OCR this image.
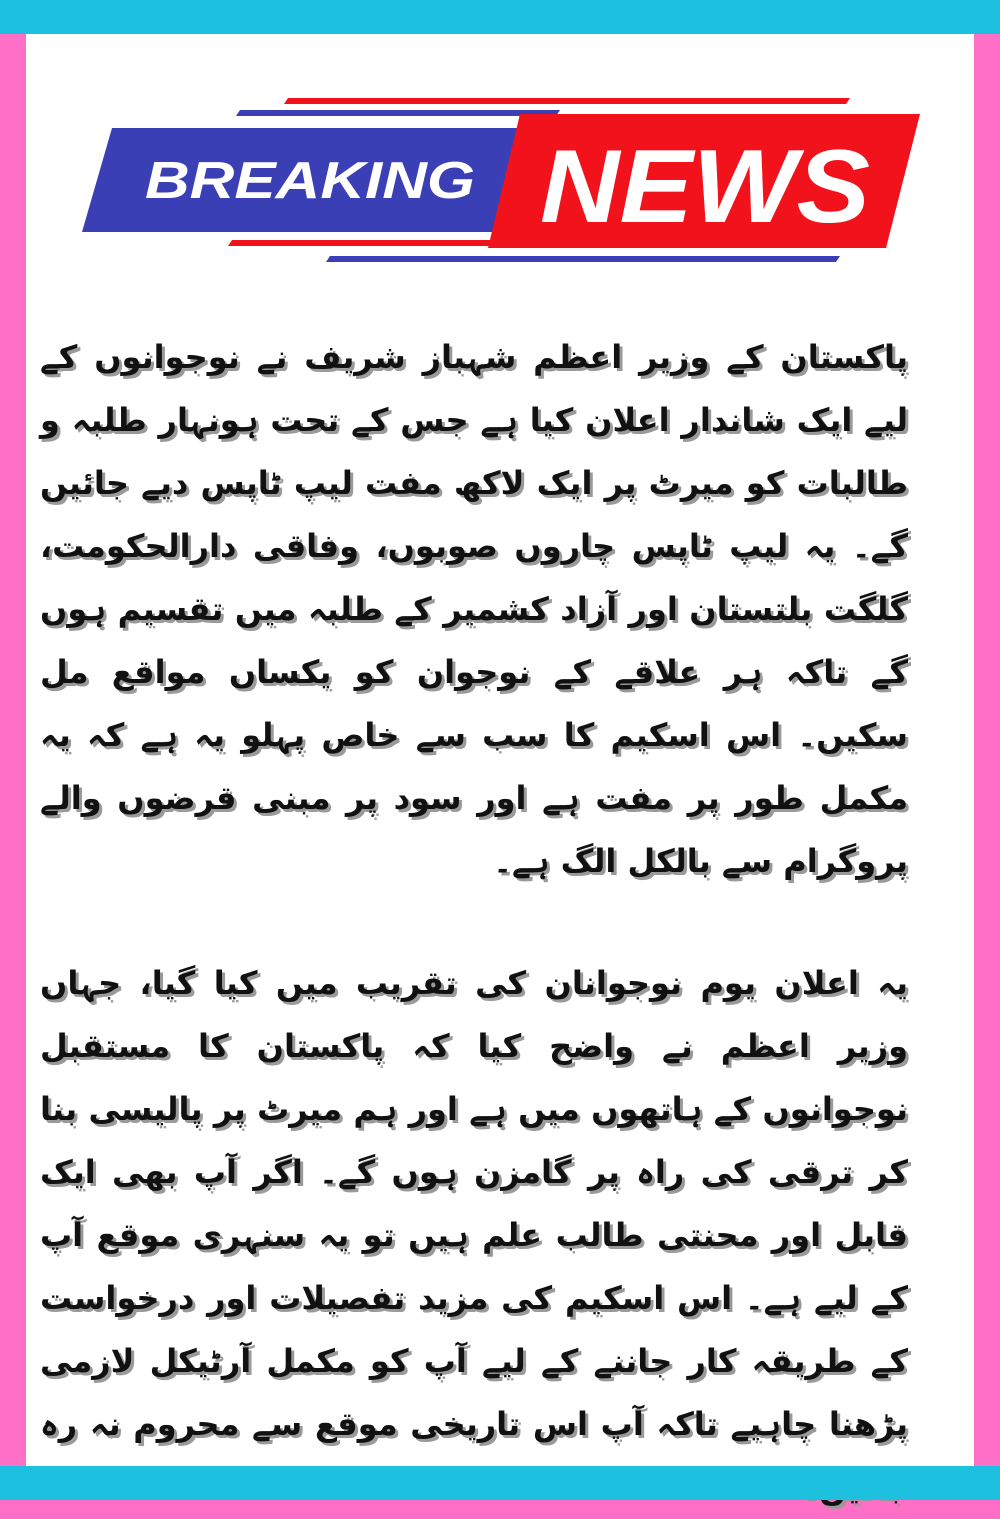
BREAKING NEWS
پاکستان کے وزیر اعظم شہباز شریف نے نوجوانوں کے لیے ایک شاندار اعلان کیا ہے جس کے تحت ہونہار طلبہ و طالبات کو میرٹ پر ایک لاکھ مفت لیپ ٹاپس دیے جائیں گے۔ یہ لیپ ٹاپس چاروں صوبوں، وفاقی دارالحکومت، گلگت بلتستان اور آزاد کشمیر کے طلبہ میں تقسیم ہوں گے تاکہ ہر علاقے کے نوجوان کو یکساں مواقع مل سکیں۔ اس اسکیم کا سب سے خاص پہلو یہ ہے کہ یہ مکمل طور پر مفت ہے اور سود پر مبنی قرضوں والے پروگرام سے بالکل الگ ہے۔
یہ اعلان یوم نوجوانان کی تقریب میں کیا گیا، جہاں وزیر اعظم نے واضح کیا کہ پاکستان کا مستقبل نوجوانوں کے ہاتھوں میں ہے اور ہم میرٹ پر پالیسی بنا کر ترقی کی راہ پر گامزن ہوں گے۔ اگر آپ بھی ایک قابل اور محنتی طالب علم ہیں تو یہ سنہری موقع آپ کے لیے ہے۔ اس اسکیم کی مزید تفصیلات اور درخواست کے طریقہ کار جاننے کے لیے آپ کو مکمل آرٹیکل لازمی پڑھنا چاہیے تاکہ آپ اس تاریخی موقع سے محروم نہ رہ
